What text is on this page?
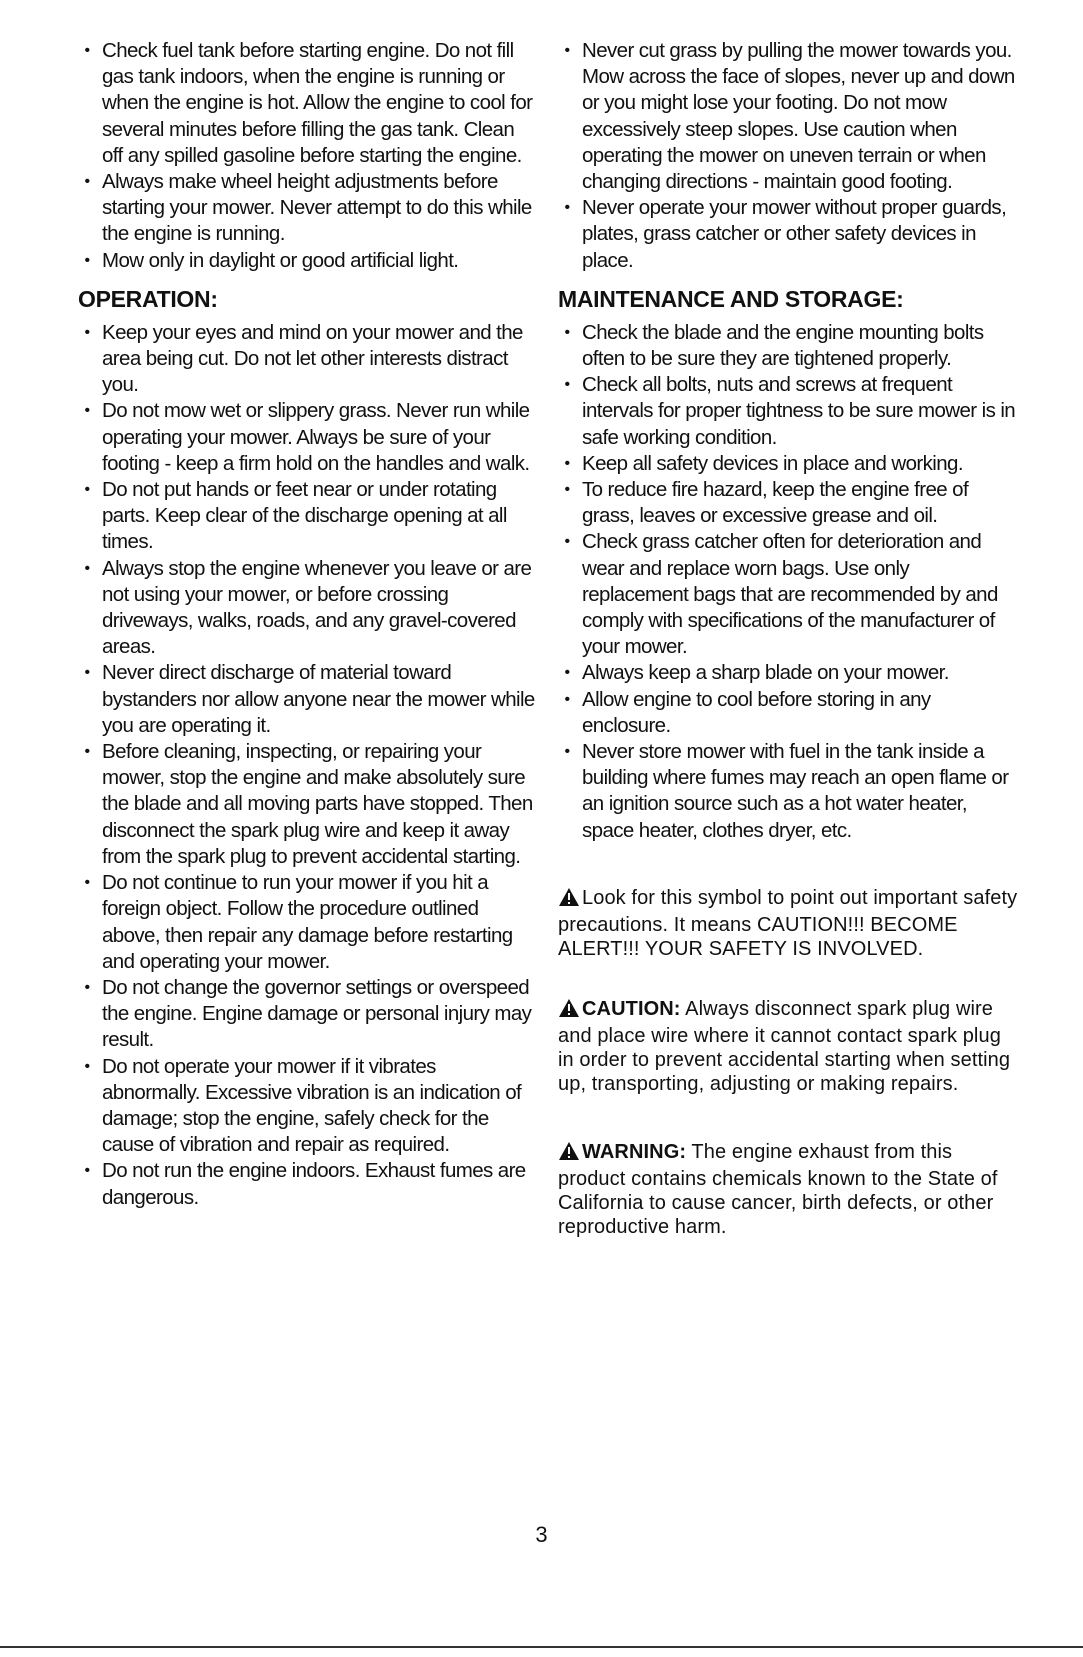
• Check fuel tank before starting engine. Do not fill gas tank indoors, when the engine is running or when the engine is hot. Allow the engine to cool for several minutes before filling the gas tank. Clean off any spilled gasoline before starting the engine.
• Always make wheel height adjustments before starting your mower. Never attempt to do this while the engine is running.
• Mow only in daylight or good artificial light.
OPERATION:
• Keep your eyes and mind on your mower and the area being cut. Do not let other interests distract you.
• Do not mow wet or slippery grass. Never run while operating your mower. Always be sure of your footing - keep a firm hold on the handles and walk.
• Do not put hands or feet near or under rotating parts. Keep clear of the discharge opening at all times.
• Always stop the engine whenever you leave or are not using your mower, or before crossing driveways, walks, roads, and any gravel-covered areas.
• Never direct discharge of material toward bystanders nor allow anyone near the mower while you are operating it.
• Before cleaning, inspecting, or repairing your mower, stop the engine and make absolutely sure the blade and all moving parts have stopped. Then disconnect the spark plug wire and keep it away from the spark plug to prevent accidental starting.
• Do not continue to run your mower if you hit a foreign object. Follow the procedure outlined above, then repair any damage before restarting and operating your mower.
• Do not change the governor settings or overspeed the engine. Engine damage or personal injury may result.
• Do not operate your mower if it vibrates abnormally. Excessive vibration is an indication of damage; stop the engine, safely check for the cause of vibration and repair as required.
• Do not run the engine indoors. Exhaust fumes are dangerous.
• Never cut grass by pulling the mower towards you. Mow across the face of slopes, never up and down or you might lose your footing. Do not mow excessively steep slopes. Use caution when operating the mower on uneven terrain or when changing directions - maintain good footing.
• Never operate your mower without proper guards, plates, grass catcher or other safety devices in place.
MAINTENANCE AND STORAGE:
• Check the blade and the engine mounting bolts often to be sure they are tightened properly.
• Check all bolts, nuts and screws at frequent intervals for proper tightness to be sure mower is in safe working condition.
• Keep all safety devices in place and working.
• To reduce fire hazard, keep the engine free of grass, leaves or excessive grease and oil.
• Check grass catcher often for deterioration and wear and replace worn bags. Use only replacement bags that are recommended by and comply with specifications of the manufacturer of your mower.
• Always keep a sharp blade on your mower.
• Allow engine to cool before storing in any enclosure.
• Never store mower with fuel in the tank inside a building where fumes may reach an open flame or an ignition source such as a hot water heater, space heater, clothes dryer, etc.
Look for this symbol to point out important safety precautions. It means CAUTION!!! BECOME ALERT!!! YOUR SAFETY IS INVOLVED.
CAUTION: Always disconnect spark plug wire and place wire where it cannot contact spark plug in order to prevent accidental starting when setting up, transporting, adjusting or making repairs.
WARNING: The engine exhaust from this product contains chemicals known to the State of California to cause cancer, birth defects, or other reproductive harm.
3
